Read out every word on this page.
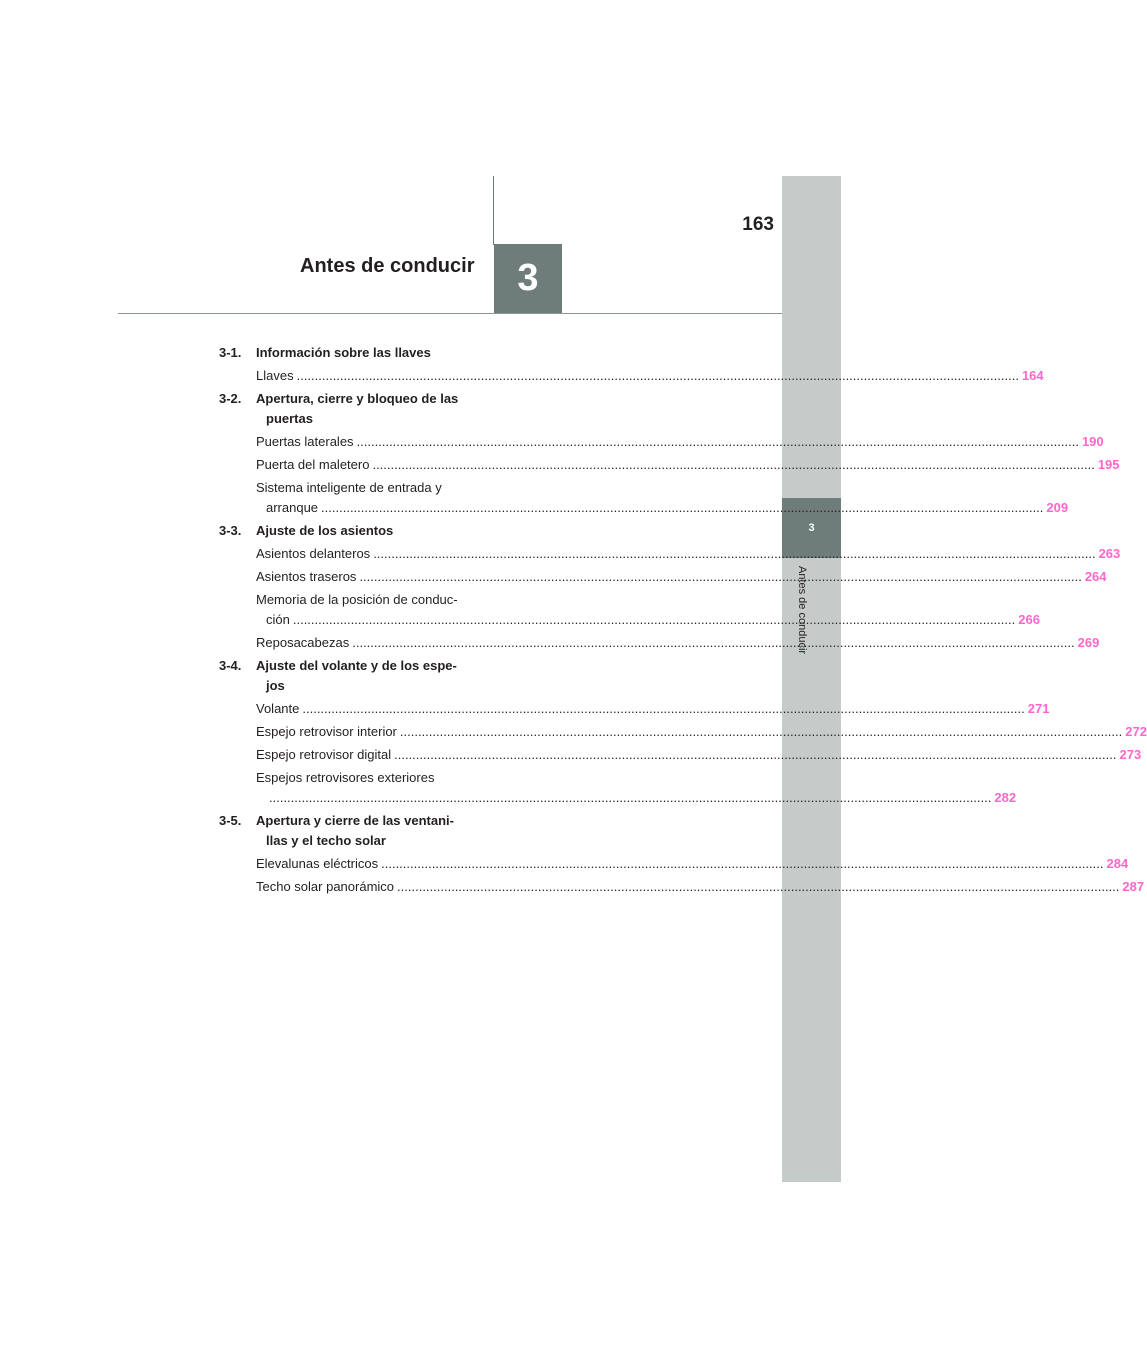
163
Antes de conducir	3
3
Antes de conducir
3-1. Información sobre las llaves
Llaves ........................................................................................................................................................................................................ 164
3-2. Apertura, cierre y bloqueo de las
puertas
Puertas laterales ........................................................................................................................................................................................................ 190
Puerta del maletero ........................................................................................................................................................................................................ 195
Sistema inteligente de entrada y
arranque ........................................................................................................................................................................................................ 209
3-3. Ajuste de los asientos
Asientos delanteros ........................................................................................................................................................................................................ 263
Asientos traseros ........................................................................................................................................................................................................ 264
Memoria de la posición de conduc-
ción ........................................................................................................................................................................................................ 266
Reposacabezas ........................................................................................................................................................................................................ 269
3-4. Ajuste del volante y de los espe-
jos
Volante ........................................................................................................................................................................................................ 271
Espejo retrovisor interior ........................................................................................................................................................................................................ 272
Espejo retrovisor digital ........................................................................................................................................................................................................ 273
Espejos retrovisores exteriores
........................................................................................................................................................................................................ 282
3-5. Apertura y cierre de las ventani-
llas y el techo solar
Elevalunas eléctricos ........................................................................................................................................................................................................ 284
Techo solar panorámico ........................................................................................................................................................................................................ 287
